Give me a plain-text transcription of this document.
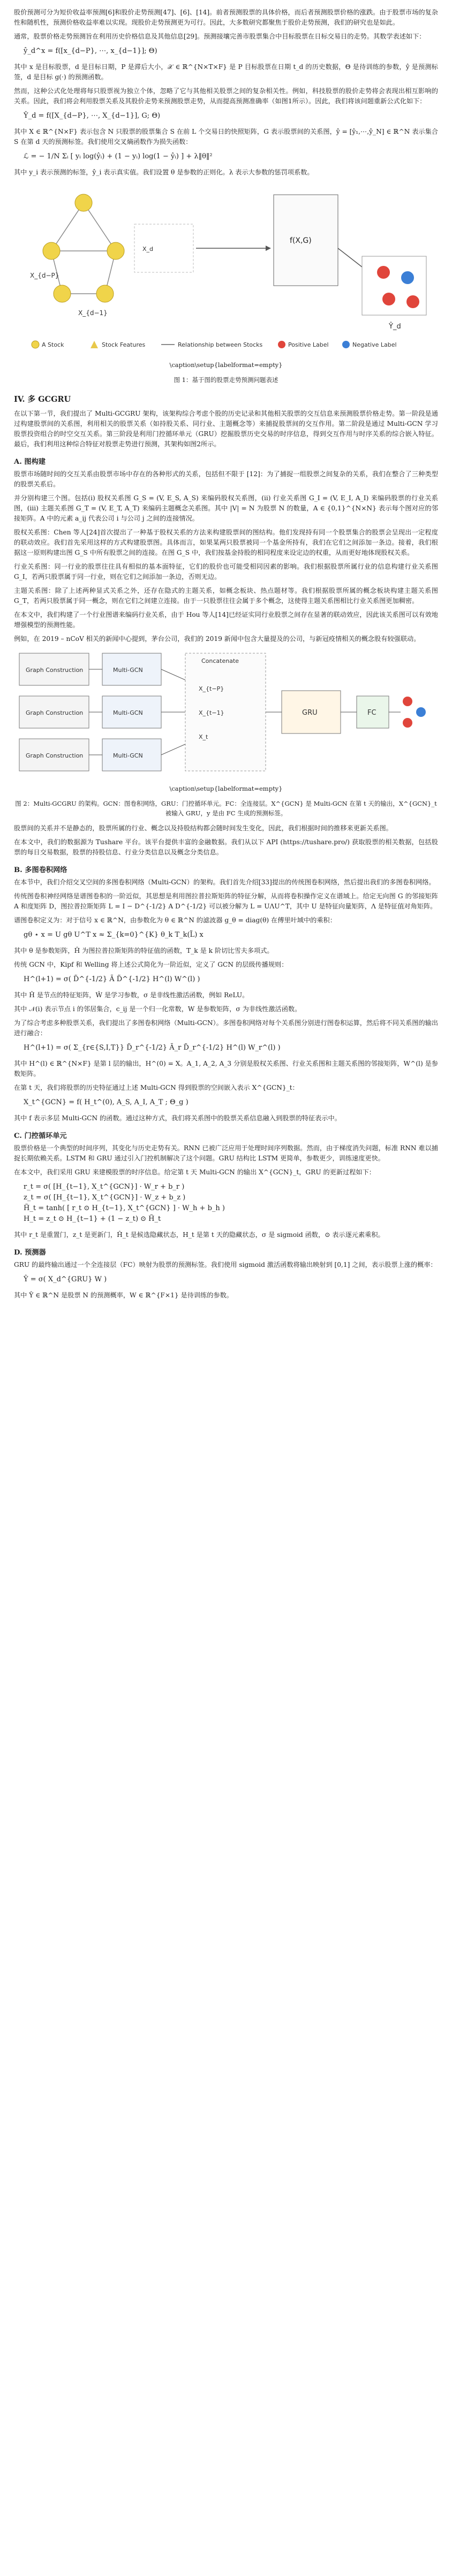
股价预测可分为短价收益率预测[6]和股价走势预测[47]、[6]、[14]。前者预测股票的具体价格，而后者预测股票价格的涨跌。由于股票市场的复杂性和随机性，预测价格收益率难以实现。现股价走势预测更为可行。因此，大多数研究都聚焦于股价走势预测，我们的研究也是如此。

通常，股票价格走势预测旨在利用历史价格信息及其他信息[29]。预测接壤完善市股票集合中目标股票在日标交易日的走势。其数学表述如下：

ŷ_d^x = f([x_{d−P}, ⋯, x_{d−1}]; Θ)

其中 x 是目标股票，d 是目标日期，P 是滞后大小，𝒳 ∈ ℝ^{N×T×F} 是 P 目标股票在日期 t_d 的历史数据，Θ 是待训练的参数，ŷ 是预测标签，d 是目标 g(·) 的预测函数。

然而，这种公式化处理将每只股票视为独立个体，忽略了它与其他相关股票之间的复杂相关性。例如，科技股票的股价走势将会表现出相互影响的关系。因此，我们将会利用股票关系及其股价走势来预测股票走势，从而提高预测准确率（如图1所示）。因此，我们将该问题重新公式化如下：

Ŷ_d = f([X_{d−P}, ⋯, X_{d−1}], G; Θ)

其中 X ∈ ℝ^{N×F} 表示包含 N 只股票的股票集合 S 在前 L 个交易日的快照矩阵，G 表示股票间的关系图，ŷ = [ŷ₁,⋯,ŷ_N] ∈ ℝ^N 表示集合 S 在第 d 天的预测标签。我们使用交叉熵函数作为损失函数：

ℒ = − 1/N Σᵢ [ yᵢ log(ŷᵢ) + (1 − yᵢ) log(1 − ŷᵢ) ] + λ‖θ‖²

其中 y_i 表示预测的标签，ŷ_i 表示真实值。我们设置 θ 是参数的正则化。λ 表示大参数的惩罚项系数。

X_{d−P}
X_{d−1}
X_d
f(X,G)
Ŷ_d
A Stock	Stock Features	Relationship between Stocks	Positive Label	Negative Label
\caption\setup{labelformat=empty}
图 1：基于图的股票走势预测问题表述
IV. 多 GCGRU

在以下第一节，我们提出了 Multi-GCGRU 架构，该架构综合考虑个股的历史记录和其他相关股票的交互信息来预测股票价格走势。第一阶段是通过构建股票间的关系图，利用相关的股票关系（如持股关系、同行业、主题概念等）来捕捉股票间的交互作用。第二阶段是通过 Multi-GCN 学习股票投资组合的时空交互关系。第三阶段是利用门控循环单元（GRU）挖掘股票历史交易的时序信息，得到交互作用与时序关系的综合嵌入特征。最后，我们利用这种综合特征对股票走势进行预测，其架构如图2所示。

A. 图构建

股票市场随时间的交互关系由股票市场中存在的各种形式的关系，包括但不限于 [12]：为了捕捉一组股票之间复杂的关系，我们在整合了三种类型的股票关系后。

并分别构建三个图。包括(i) 股权关系图 G_S = (V, E_S, A_S) 来编码股权关系图，(ii) 行业关系图 G_I = (V, E_I, A_I) 来编码股票的行业关系图，(iii) 主题关系图 G_T = (V, E_T, A_T) 来编码主题概念关系图。其中 |V| = N 为股票 N 的数量，A ∈ {0,1}^{N×N} 表示每个图对应的邻接矩阵。A 中的元素 a_ij 代表公司 i 与公司 j 之间的连接情况。

股权关系图：Chen 等人[24]首次提出了一种基于股权关系的方法来构建股票间的图结构。他们发现持有同一个股票集合的股票会呈现出一定程度的联动效应。我们首先采用这样的方式构建股票图。具体而言，如果某两只股票被同一个基金所持有，我们在它们之间添加一条边。接着，我们根据这一原则构建出图 G_S 中所有股票之间的连接。在图 G_S 中，我们按基金持股的相同程度来设定边的权重，从而更好地体现股权关系。

行业关系图：同一行业的股票往往具有相似的基本面特征，它们的股价也可能受相同因素的影响。我们根据股票所属行业的信息构建行业关系图 G_I，若两只股票属于同一行业，则在它们之间添加一条边，否则无边。

主题关系图：除了上述两种显式关系之外，还存在隐式的主题关系，如概念板块、热点题材等。我们根据股票所属的概念板块构建主题关系图 G_T，若两只股票属于同一概念，则在它们之间建立连接。由于一只股票往往会属于多个概念，这使得主题关系图相比行业关系图更加稠密。

在本文中，我们构建了一个行业图谱来编码行业关系，由于 Hou 等人[14]已经证实同行业股票之间存在显著的联动效应，因此该关系图可以有效地增强模型的预测性能。

例如，在 2019 – nCoV 相关的新闻中心提到，茅台公司，我们的 2019 新闻中包含大量提及的公司，与新冠疫情相关的概念股有较强联动。

Graph Construction	Multi-GCN
Graph Construction	Multi-GCN
Graph Construction	Multi-GCN
Concatenate
X_{t−P}
X_{t−1}
X_t
GRU	FC
\caption\setup{labelformat=empty}
图 2：Multi-GCGRU 的架构。GCN：图卷积网络，GRU：门控循环单元。FC：全连接层。X^{GCN} 是 Multi-GCN 在第 t 天的输出，X^{GCN}_t 被输入 GRU，y 是由 FC 生成的预测标签。

股票间的关系并不是静态的，股票所属的行业、概念以及持股结构都会随时间发生变化，因此，我们根据时间的推移来更新关系图。

在本文中，我们的数据源为 Tushare 平台。该平台提供丰富的金融数据。我们从以下 API (https://tushare.pro/) 获取股票的相关数据，包括股票的每日交易数据，股票的持股信息、行业分类信息以及概念分类信息。

B. 多图卷积网络

在本节中，我们介绍交叉空间的多图卷积网络（Multi-GCN）的架构。我们首先介绍[33]提出的传统图卷积网络，然后提出我们的多图卷积网络。

传统图卷积神经网络是谱图卷积的一阶近似，其思想是利用图拉普拉斯矩阵的特征分解，从而将卷积操作定义在谱域上。给定无向图 G 的邻接矩阵 A 和度矩阵 D，图拉普拉斯矩阵 L = I − D^{-1/2} A D^{-1/2} 可以被分解为 L = UΛU^T，其中 U 是特征向量矩阵，Λ 是特征值对角矩阵。

谱图卷积定义为：对于信号 x ∈ ℝ^N，由参数化为 θ ∈ ℝ^N 的滤波器 g_θ = diag(θ) 在傅里叶域中的乘积：

gθ ⋆ x = U gθ U^T x ≈ Σ_{k=0}^{K} θ_k T_k(L̃) x

其中 θ 是参数矩阵，Ĥ 为图拉普拉斯矩阵的特征值的函数，T_k 是 k 阶切比雪夫多项式。

传统 GCN 中，Kipf 和 Welling 将上述公式简化为一阶近似，定义了 GCN 的层级传播规则：

H^(l+1) = σ( D̃^{-1/2} Ã D̃^{-1/2} H^(l) W^(l) )

其中 Ĥ 是节点的特征矩阵，Ŵ 是学习参数，σ 是非线性激活函数，例如 ReLU。

其中 𝒩(i) 表示节点 i 的邻居集合，c_ij 是一个归一化常数，W 是参数矩阵，σ 为非线性激活函数。

为了综合考虑多种股票关系，我们提出了多图卷积网络（Multi-GCN）。多图卷积网络对每个关系图分别进行图卷积运算，然后将不同关系图的输出进行融合：

H^(l+1) = σ( Σ_{r∈{S,I,T}} D̃_r^{-1/2} Ã_r D̃_r^{-1/2} H^(l) W_r^(l) )

其中 H^(l) ∈ ℝ^{N×F} 是第 l 层的输出，H^(0) = X。A_1, A_2, A_3 分别是股权关系图、行业关系图和主题关系图的邻接矩阵，W^(l) 是参数矩阵。

在第 t 天，我们将股票的历史特征通过上述 Multi-GCN 得到股票的空间嵌入表示 X^{GCN}_t：

X_t^{GCN} = f( H_t^(0), A_S, A_I, A_T ; Θ_g )

其中 f 表示多层 Multi-GCN 的函数。通过这种方式，我们将关系图中的股票关系信息融入到股票的特征表示中。

C. 门控循环单元

股票价格是一个典型的时间序列，其变化与历史走势有关。RNN 已被广泛应用于处理时间序列数据。然而，由于梯度消失问题，标准 RNN 难以捕捉长期依赖关系。LSTM 和 GRU 通过引入门控机制解决了这个问题。GRU 结构比 LSTM 更简单，参数更少，训练速度更快。

在本文中，我们采用 GRU 来建模股票的时序信息。给定第 t 天 Multi-GCN 的输出 X^{GCN}_t，GRU 的更新过程如下：

r_t = σ( [H_{t−1}, X_t^{GCN}] · W_r + b_r )
z_t = σ( [H_{t−1}, X_t^{GCN}] · W_z + b_z )
H̃_t = tanh( [ r_t ⊙ H_{t−1}, X_t^{GCN} ] · W_h + b_h )
H_t = z_t ⊙ H_{t−1} + (1 − z_t) ⊙ H̃_t

其中 r_t 是重置门，z_t 是更新门，Ĥ_t 是候选隐藏状态，H_t 是第 t 天的隐藏状态，σ 是 sigmoid 函数，⊙ 表示逐元素乘积。

D. 预测器

GRU 的最终输出通过一个全连接层（FC）映射为股票的预测标签。我们使用 sigmoid 激活函数将输出映射到 [0,1] 之间，表示股票上涨的概率：

Ŷ = σ( X_d^{GRU} W )

其中 Ŷ ∈ ℝ^N 是股票 N 的预测概率，W ∈ ℝ^{F×1} 是待训练的参数。
